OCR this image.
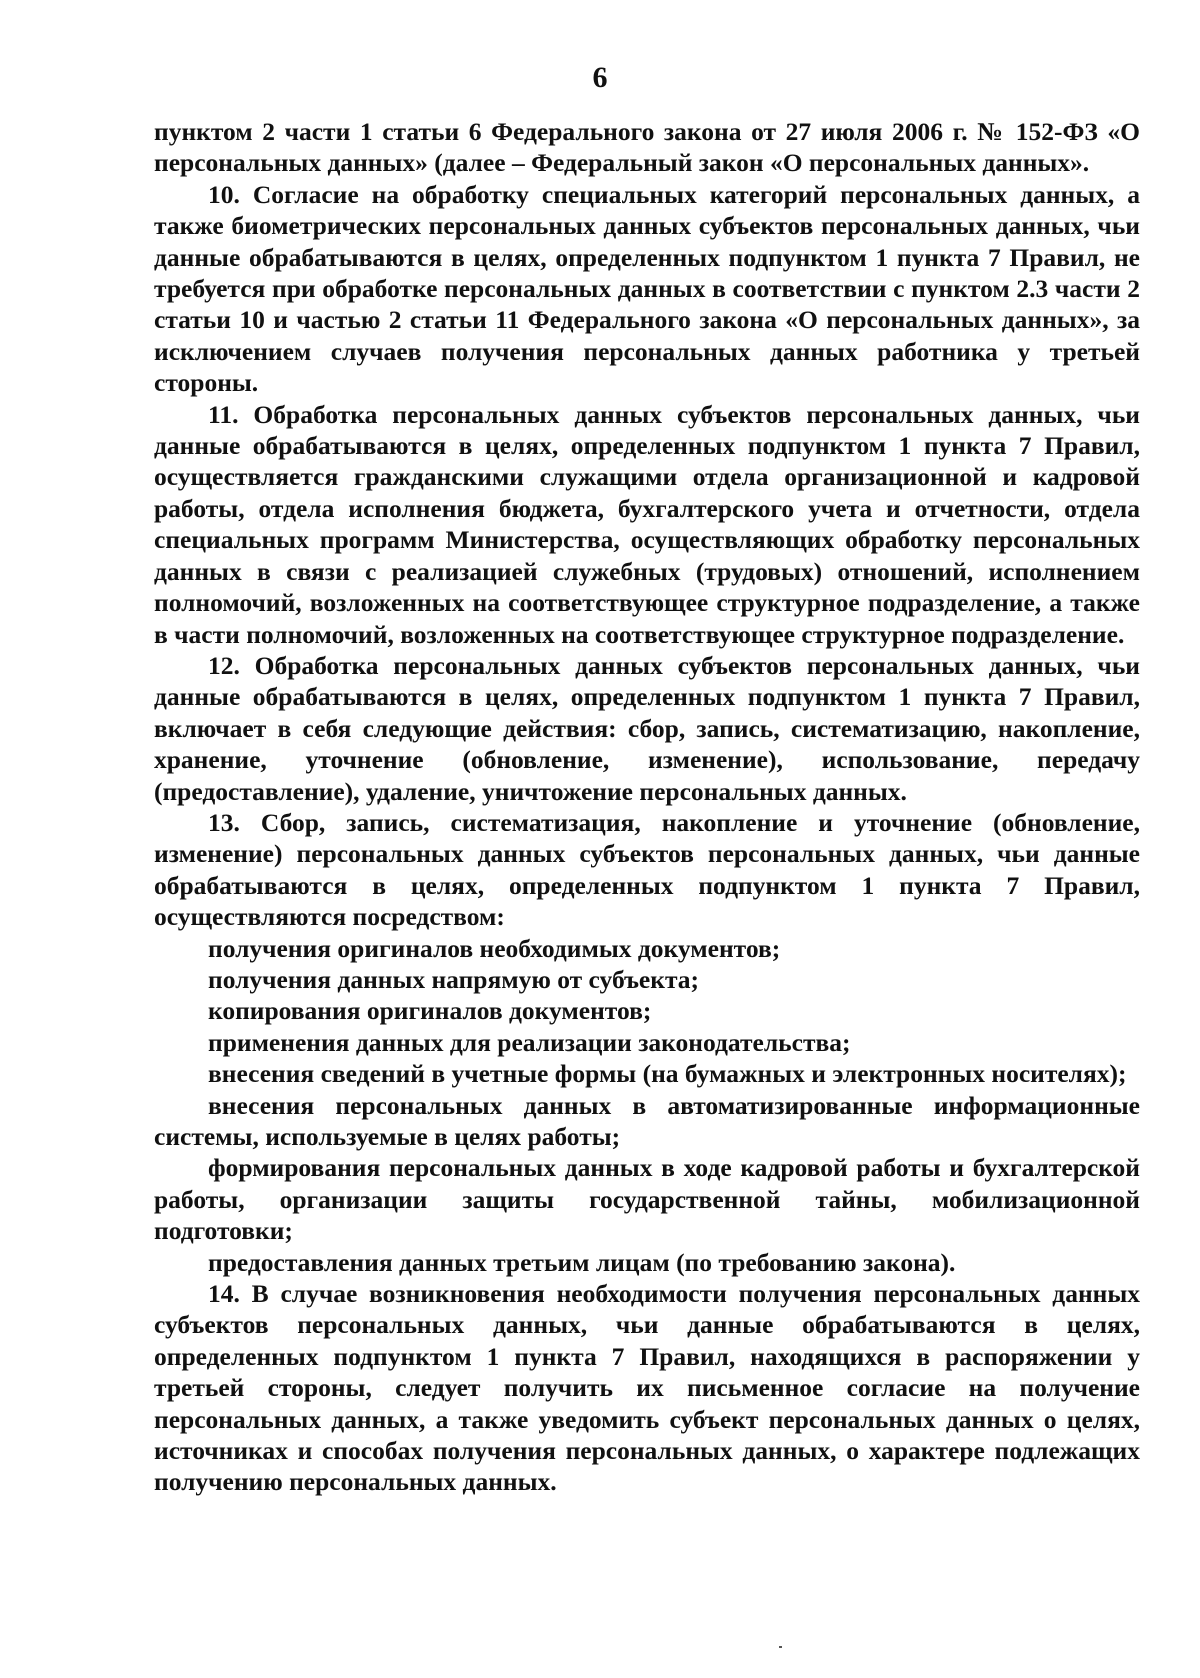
6

пунктом 2 части 1 статьи 6 Федерального закона от 27 июля 2006 г. № 152-ФЗ «О персональных данных» (далее – Федеральный закон «О персональных данных».

10. Согласие на обработку специальных категорий персональных данных, а также биометрических персональных данных субъектов персональных данных, чьи данные обрабатываются в целях, определенных подпунктом 1 пункта 7 Правил, не требуется при обработке персональных данных в соответствии с пунктом 2.3 части 2 статьи 10 и частью 2 статьи 11 Федерального закона «О персональных данных», за исключением случаев получения персональных данных работника у третьей стороны.

11. Обработка персональных данных субъектов персональных данных, чьи данные обрабатываются в целях, определенных подпунктом 1 пункта 7 Правил, осуществляется гражданскими служащими отдела организационной и кадровой работы, отдела исполнения бюджета, бухгалтерского учета и отчетности, отдела специальных программ Министерства, осуществляющих обработку персональных данных в связи с реализацией служебных (трудовых) отношений, исполнением полномочий, возложенных на соответствующее структурное подразделение, а также в части полномочий, возложенных на соответствующее структурное подразделение.

12. Обработка персональных данных субъектов персональных данных, чьи данные обрабатываются в целях, определенных подпунктом 1 пункта 7 Правил, включает в себя следующие действия: сбор, запись, систематизацию, накопление, хранение, уточнение (обновление, изменение), использование, передачу (предоставление), удаление, уничтожение персональных данных.

13. Сбор, запись, систематизация, накопление и уточнение (обновление, изменение) персональных данных субъектов персональных данных, чьи данные обрабатываются в целях, определенных подпунктом 1 пункта 7 Правил, осуществляются посредством:

получения оригиналов необходимых документов;

получения данных напрямую от субъекта;

копирования оригиналов документов;

применения данных для реализации законодательства;

внесения сведений в учетные формы (на бумажных и электронных носителях);

внесения персональных данных в автоматизированные информационные системы, используемые в целях работы;

формирования персональных данных в ходе кадровой работы и бухгалтерской работы, организации защиты государственной тайны, мобилизационной подготовки;

предоставления данных третьим лицам (по требованию закона).

14. В случае возникновения необходимости получения персональных данных субъектов персональных данных, чьи данные обрабатываются в целях, определенных подпунктом 1 пункта 7 Правил, находящихся в распоряжении у третьей стороны, следует получить их письменное согласие на получение персональных данных, а также уведомить субъект персональных данных о целях, источниках и способах получения персональных данных, о характере подлежащих получению персональных данных.
